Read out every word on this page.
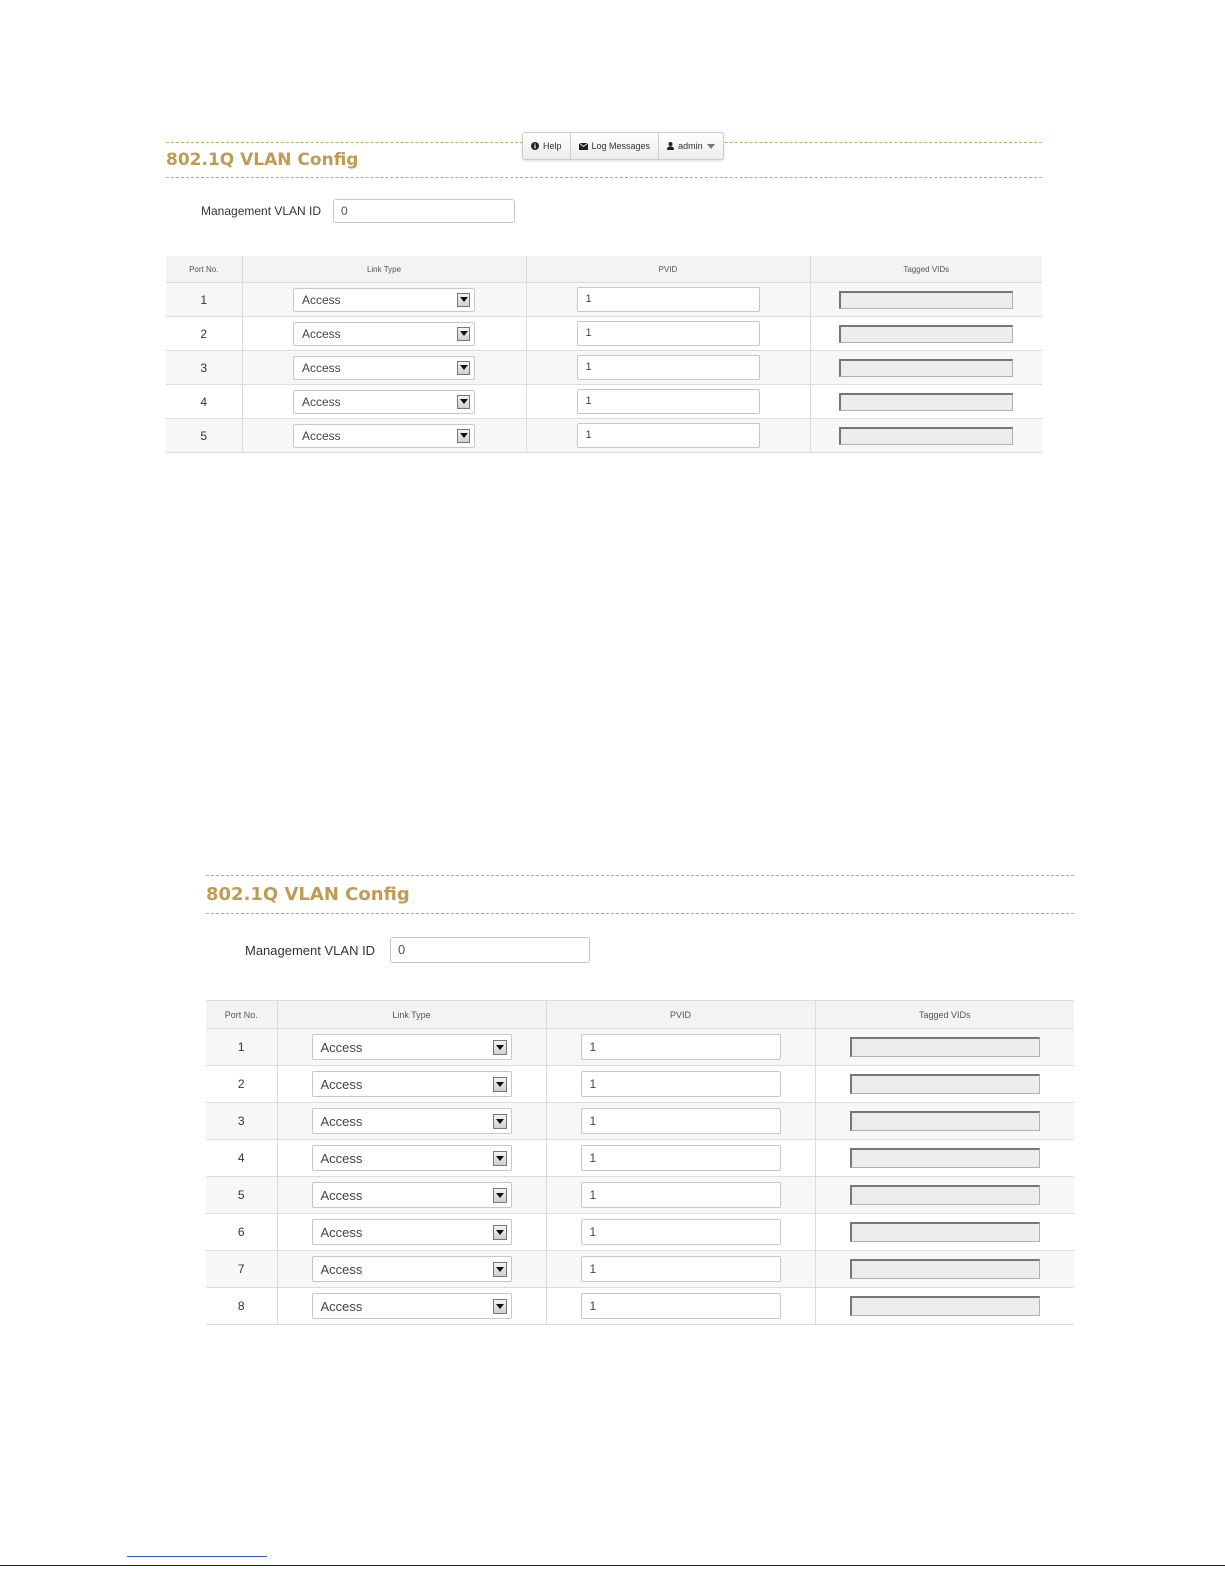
802.1Q VLAN Config
Management VLAN ID	0
Port No.	Link Type	PVID	Tagged VIDs
1	Access	1	
2	Access	1	
3	Access	1	
4	Access	1	
5	Access	1	
Help	Log Messages	admin
802.1Q VLAN Config
Management VLAN ID	0
Port No.	Link Type	PVID	Tagged VIDs
1	Access	1	
2	Access	1	
3	Access	1	
4	Access	1	
5	Access	1	
6	Access	1	
7	Access	1	
8	Access	1	
